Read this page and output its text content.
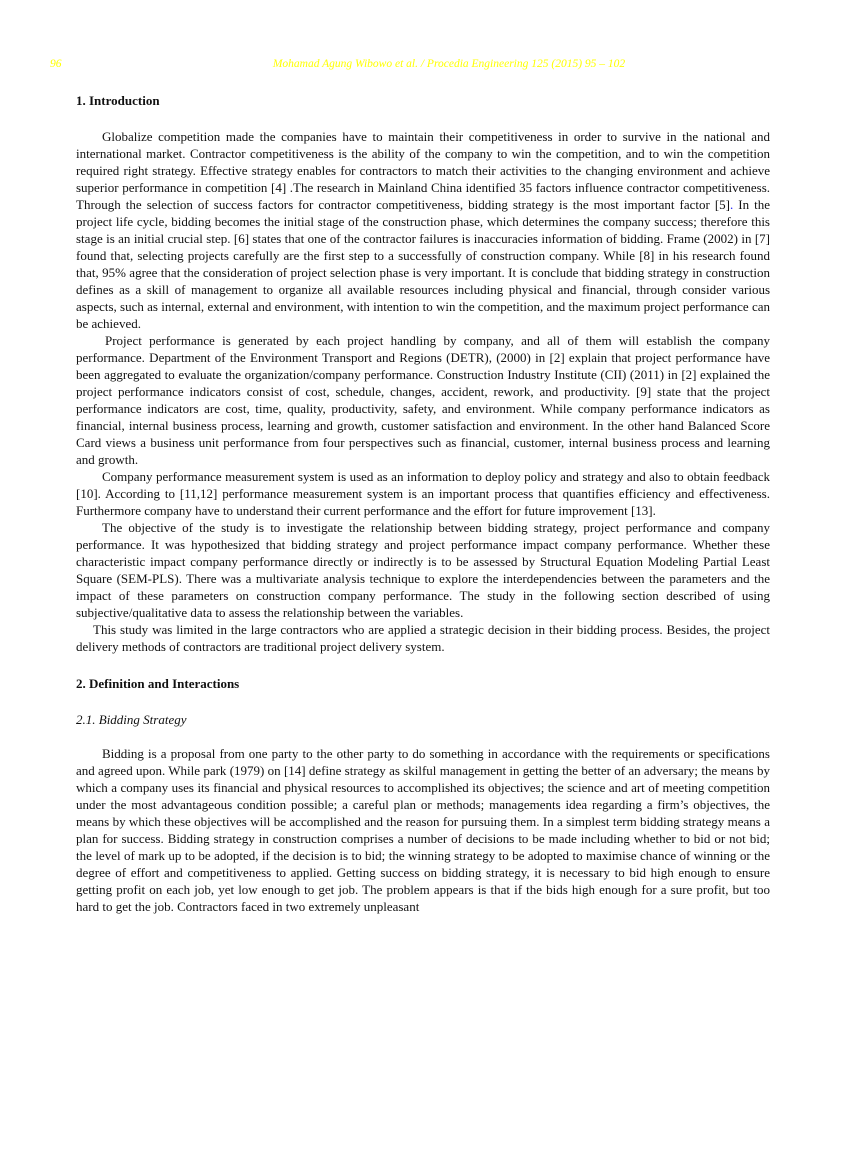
96	Mohamad Agung Wibowo et al. / Procedia Engineering 125 (2015) 95 – 102
1. Introduction

Globalize competition made the companies have to maintain their competitiveness in order to survive in the national and international market. Contractor competitiveness is the ability of the company to win the competition, and to win the competition required right strategy. Effective strategy enables for contractors to match their activities to the changing environment and achieve superior performance in competition [4] .The research in Mainland China identified 35 factors influence contractor competitiveness. Through the selection of success factors for contractor competitiveness, bidding strategy is the most important factor [5]. In the project life cycle, bidding becomes the initial stage of the construction phase, which determines the company success; therefore this stage is an initial crucial step. [6] states that one of the contractor failures is inaccuracies information of bidding. Frame (2002) in [7] found that, selecting projects carefully are the first step to a successfully of construction company. While [8] in his research found that, 95% agree that the consideration of project selection phase is very important. It is conclude that bidding strategy in construction defines as a skill of management to organize all available resources including physical and financial, through consider various aspects, such as internal, external and environment, with intention to win the competition, and the maximum project performance can be achieved.

Project performance is generated by each project handling by company, and all of them will establish the company performance. Department of the Environment Transport and Regions (DETR), (2000) in [2] explain that project performance have been aggregated to evaluate the organization/company performance. Construction Industry Institute (CII) (2011) in [2] explained the project performance indicators consist of cost, schedule, changes, accident, rework, and productivity. [9] state that the project performance indicators are cost, time, quality, productivity, safety, and environment. While company performance indicators as financial, internal business process, learning and growth, customer satisfaction and environment. In the other hand Balanced Score Card views a business unit performance from four perspectives such as financial, customer, internal business process and learning and growth.

Company performance measurement system is used as an information to deploy policy and strategy and also to obtain feedback [10]. According to [11,12] performance measurement system is an important process that quantifies efficiency and effectiveness. Furthermore company have to understand their current performance and the effort for future improvement [13].

The objective of the study is to investigate the relationship between bidding strategy, project performance and company performance. It was hypothesized that bidding strategy and project performance impact company performance. Whether these characteristic impact company performance directly or indirectly is to be assessed by Structural Equation Modeling Partial Least Square (SEM-PLS). There was a multivariate analysis technique to explore the interdependencies between the parameters and the impact of these parameters on construction company performance. The study in the following section described of using subjective/qualitative data to assess the relationship between the variables.

This study was limited in the large contractors who are applied a strategic decision in their bidding process. Besides, the project delivery methods of contractors are traditional project delivery system.

2. Definition and Interactions
2.1. Bidding Strategy

Bidding is a proposal from one party to the other party to do something in accordance with the requirements or specifications and agreed upon. While park (1979) on [14] define strategy as skilful management in getting the better of an adversary; the means by which a company uses its financial and physical resources to accomplished its objectives; the science and art of meeting competition under the most advantageous condition possible; a careful plan or methods; managements idea regarding a firm’s objectives, the means by which these objectives will be accomplished and the reason for pursuing them. In a simplest term bidding strategy means a plan for success. Bidding strategy in construction comprises a number of decisions to be made including whether to bid or not bid; the level of mark up to be adopted, if the decision is to bid; the winning strategy to be adopted to maximise chance of winning or the degree of effort and competitiveness to applied. Getting success on bidding strategy, it is necessary to bid high enough to ensure getting profit on each job, yet low enough to get job. The problem appears is that if the bids high enough for a sure profit, but too hard to get the job. Contractors faced in two extremely unpleasant
